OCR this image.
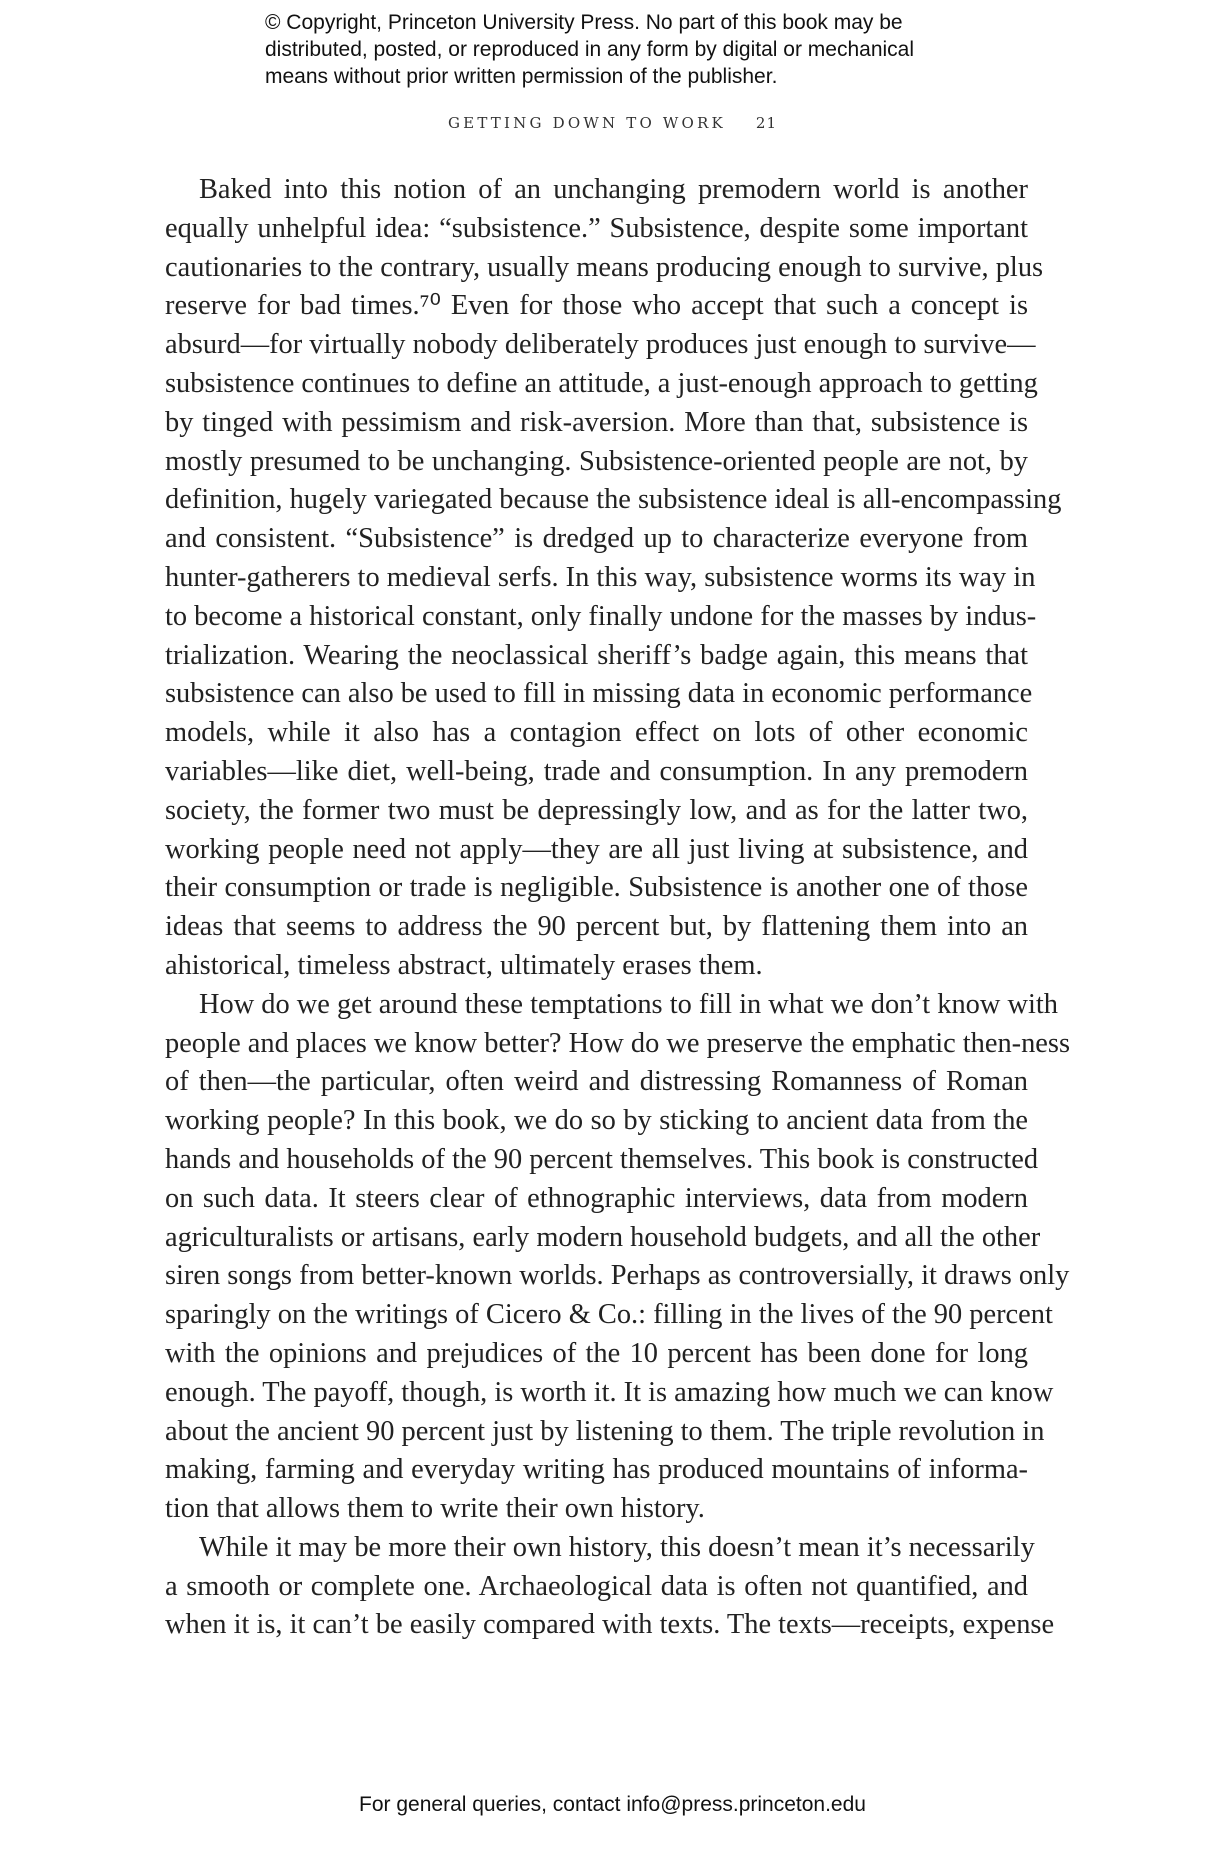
© Copyright, Princeton University Press. No part of this book may be
distributed, posted, or reproduced in any form by digital or mechanical
means without prior written permission of the publisher.
GETTING DOWN TO WORK 21
Baked into this notion of an unchanging premodern world is another
equally unhelpful idea: “subsistence.” Subsistence, despite some important
cautionaries to the contrary, usually means producing enough to survive, plus
reserve for bad times.⁷⁰ Even for those who accept that such a concept is
absurd—for virtually nobody deliberately produces just enough to survive—
subsistence continues to define an attitude, a just-enough approach to getting
by tinged with pessimism and risk-aversion. More than that, subsistence is
mostly presumed to be unchanging. Subsistence-oriented people are not, by
definition, hugely variegated because the subsistence ideal is all-encompassing
and consistent. “Subsistence” is dredged up to characterize everyone from
hunter-gatherers to medieval serfs. In this way, subsistence worms its way in
to become a historical constant, only finally undone for the masses by indus-
trialization. Wearing the neoclassical sheriff’s badge again, this means that
subsistence can also be used to fill in missing data in economic performance
models, while it also has a contagion effect on lots of other economic
variables—like diet, well-being, trade and consumption. In any premodern
society, the former two must be depressingly low, and as for the latter two,
working people need not apply—they are all just living at subsistence, and
their consumption or trade is negligible. Subsistence is another one of those
ideas that seems to address the 90 percent but, by flattening them into an
ahistorical, timeless abstract, ultimately erases them.
How do we get around these temptations to fill in what we don’t know with
people and places we know better? How do we preserve the emphatic then-ness
of then—the particular, often weird and distressing Romanness of Roman
working people? In this book, we do so by sticking to ancient data from the
hands and households of the 90 percent themselves. This book is constructed
on such data. It steers clear of ethnographic interviews, data from modern
agriculturalists or artisans, early modern household budgets, and all the other
siren songs from better-known worlds. Perhaps as controversially, it draws only
sparingly on the writings of Cicero & Co.: filling in the lives of the 90 percent
with the opinions and prejudices of the 10 percent has been done for long
enough. The payoff, though, is worth it. It is amazing how much we can know
about the ancient 90 percent just by listening to them. The triple revolution in
making, farming and everyday writing has produced mountains of informa-
tion that allows them to write their own history.
While it may be more their own history, this doesn’t mean it’s necessarily
a smooth or complete one. Archaeological data is often not quantified, and
when it is, it can’t be easily compared with texts. The texts—receipts, expense
For general queries, contact info@press.princeton.edu
